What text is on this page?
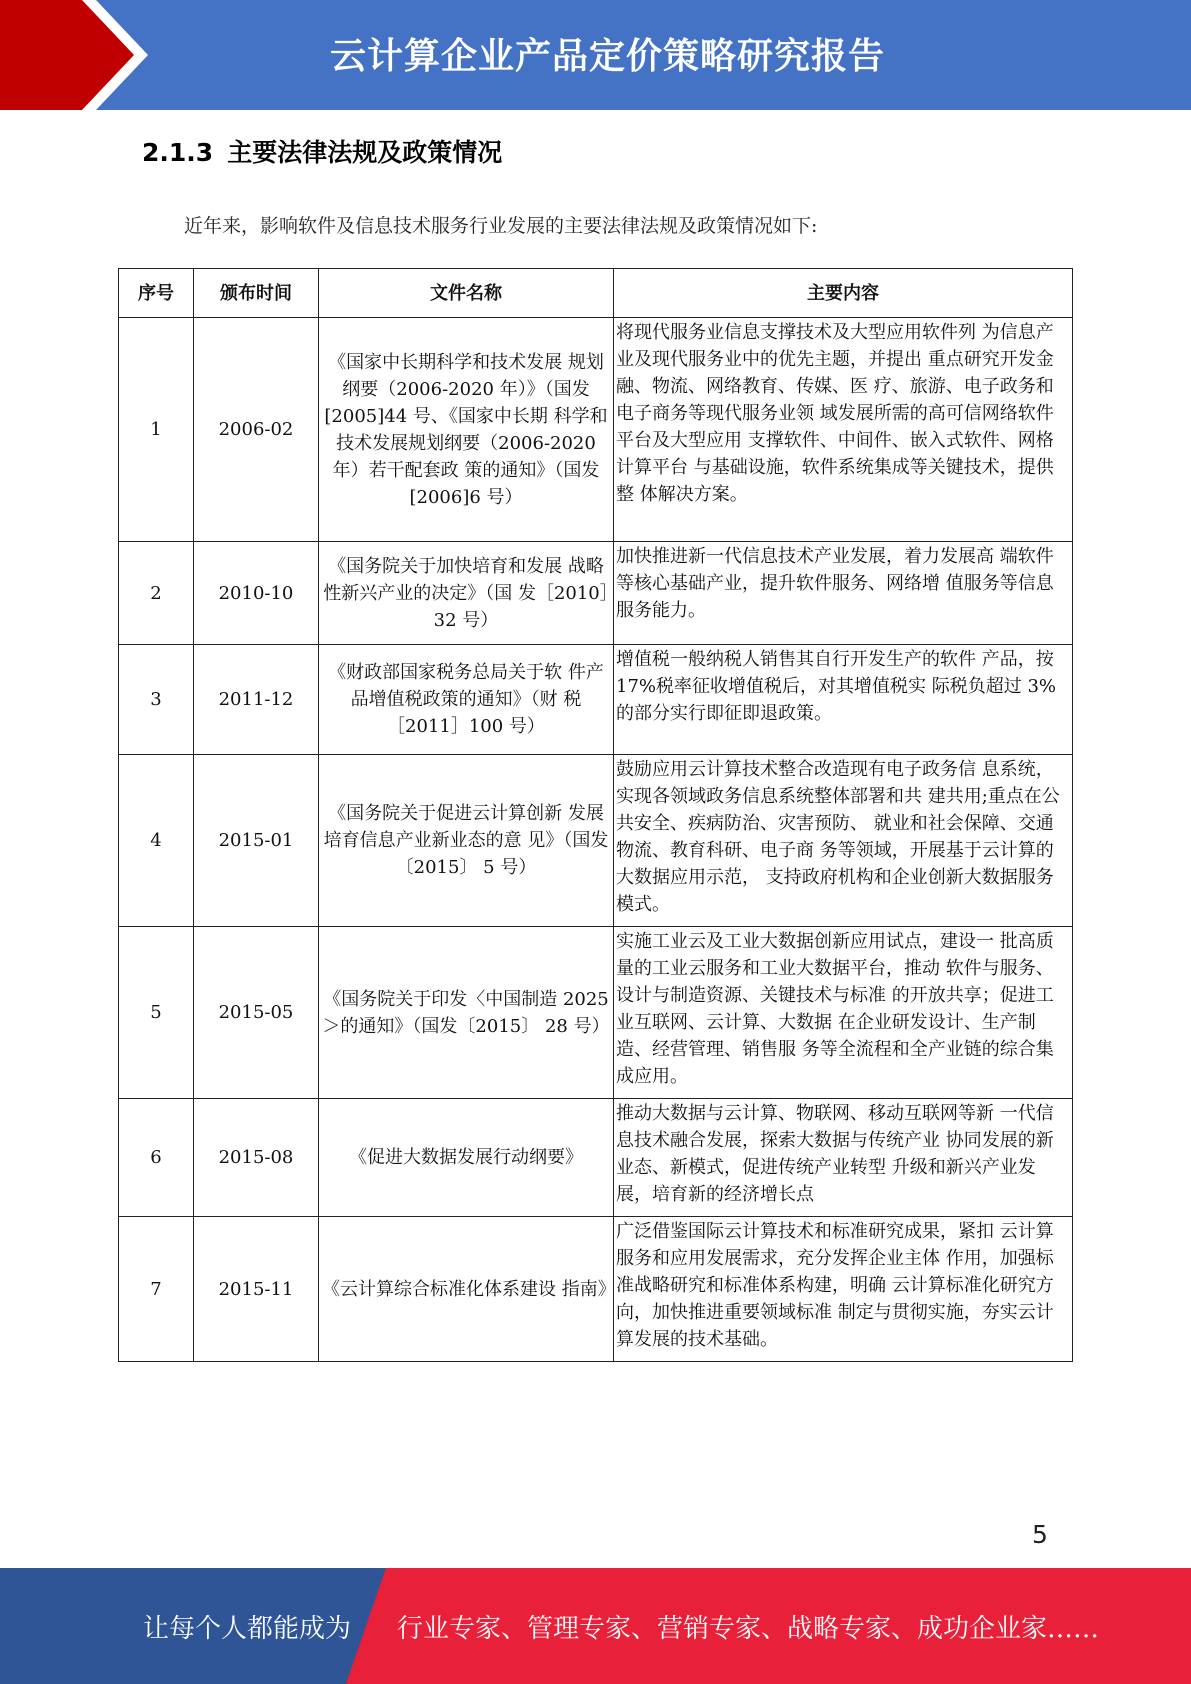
云计算企业产品定价策略研究报告
2.1.3 主要法律法规及政策情况
近年来，影响软件及信息技术服务行业发展的主要法律法规及政策情况如下:
序号	颁布时间	文件名称	主要内容
1	2006-02	《国家中长期科学和技术发展 规划纲要（2006-2020 年）》（国发[2005]44 号、《国家中长期 科学和技术发展规划纲要（2006-2020 年）若干配套政 策的通知》（国发[2006]6 号）	将现代服务业信息支撑技术及大型应用软件列 为信息产业及现代服务业中的优先主题，并提出 重点研究开发金融、物流、网络教育、传媒、医 疗、旅游、电子政务和电子商务等现代服务业领 域发展所需的高可信网络软件平台及大型应用 支撑软件、中间件、嵌入式软件、网格计算平台 与基础设施，软件系统集成等关键技术，提供整 体解决方案。
2	2010-10	《国务院关于加快培育和发展 战略性新兴产业的决定》（国 发［2010］32 号）	加快推进新一代信息技术产业发展，着力发展高 端软件等核心基础产业，提升软件服务、网络增 值服务等信息服务能力。
3	2011-12	《财政部国家税务总局关于软 件产品增值税政策的通知》（财 税［2011］100 号）	增值税一般纳税人销售其自行开发生产的软件 产品，按 17%税率征收增值税后，对其增值税实 际税负超过 3%的部分实行即征即退政策。
4	2015-01	《国务院关于促进云计算创新 发展培育信息产业新业态的意 见》（国发〔2015〕 5 号）	鼓励应用云计算技术整合改造现有电子政务信 息系统，实现各领域政务信息系统整体部署和共 建共用;重点在公共安全、疾病防治、灾害预防、 就业和社会保障、交通物流、教育科研、电子商 务等领域，开展基于云计算的大数据应用示范， 支持政府机构和企业创新大数据服务模式。
5	2015-05	《国务院关于印发〈中国制造 2025＞的通知》（国发〔2015〕 28 号）	实施工业云及工业大数据创新应用试点，建设一 批高质量的工业云服务和工业大数据平台，推动 软件与服务、设计与制造资源、关键技术与标准 的开放共享；促进工业互联网、云计算、大数据 在企业研发设计、生产制造、经营管理、销售服 务等全流程和全产业链的综合集成应用。
6	2015-08	《促进大数据发展行动纲要》	推动大数据与云计算、物联网、移动互联网等新 一代信息技术融合发展，探索大数据与传统产业 协同发展的新业态、新模式，促进传统产业转型 升级和新兴产业发展，培育新的经济增长点
7	2015-11	《云计算综合标准化体系建设 指南》	广泛借鉴国际云计算技术和标准研究成果，紧扣 云计算服务和应用发展需求，充分发挥企业主体 作用，加强标准战略研究和标准体系构建，明确 云计算标准化研究方向，加快推进重要领域标准 制定与贯彻实施，夯实云计算发展的技术基础。
5
让每个人都能成为 行业专家、管理专家、营销专家、战略专家、成功企业家……
